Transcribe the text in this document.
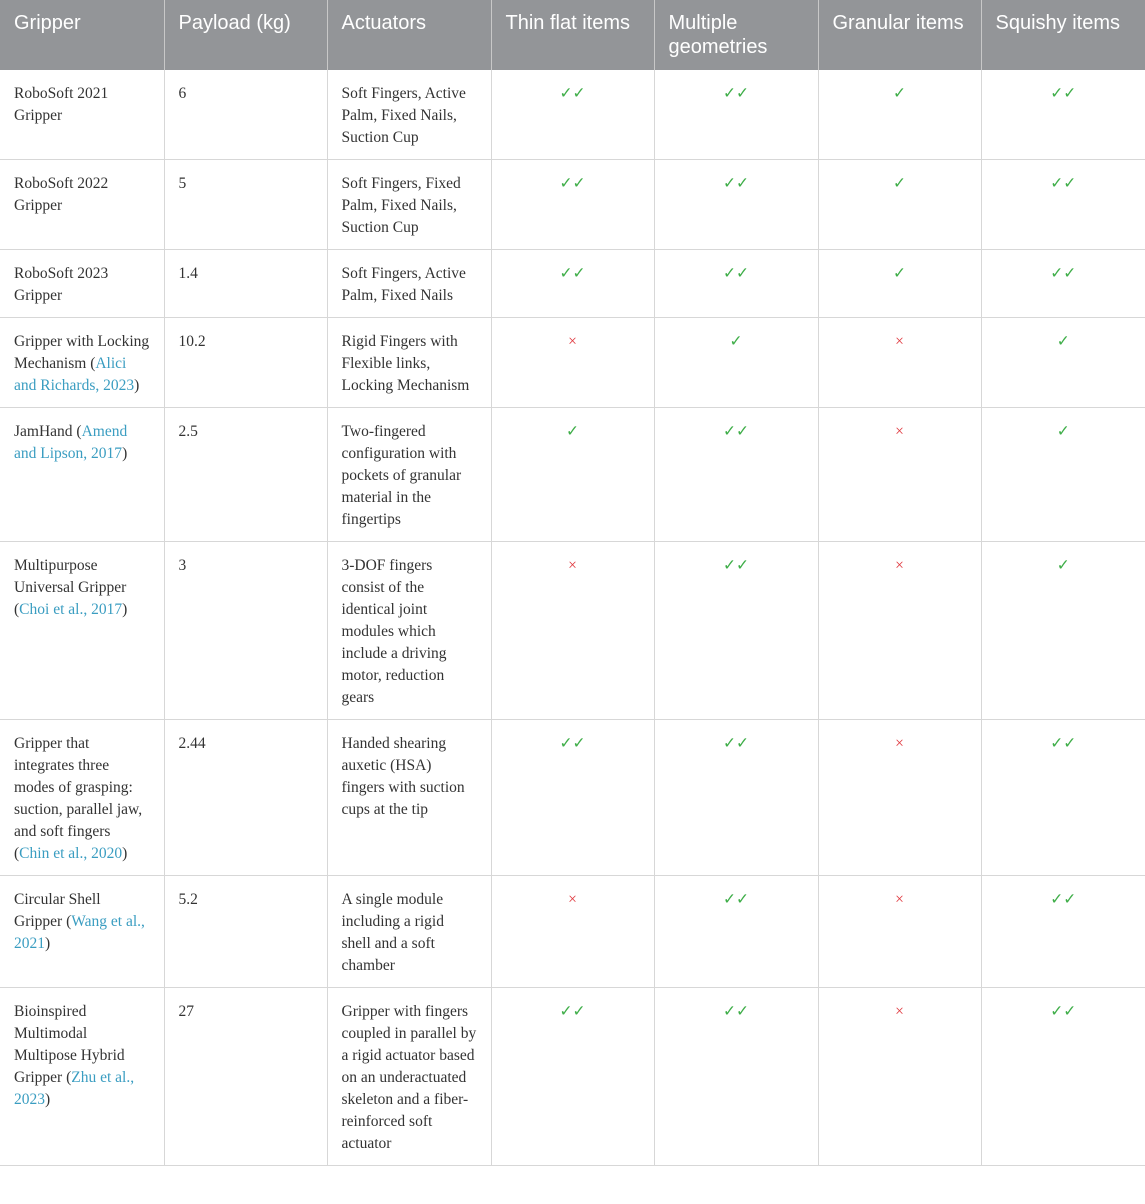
Gripper	Payload (kg)	Actuators	Thin flat items	Multiple geometries	Granular items	Squishy items
RoboSoft 2021 Gripper	6	Soft Fingers, Active Palm, Fixed Nails, Suction Cup	✓✓	✓✓	✓	✓✓
RoboSoft 2022 Gripper	5	Soft Fingers, Fixed Palm, Fixed Nails, Suction Cup	✓✓	✓✓	✓	✓✓
RoboSoft 2023 Gripper	1.4	Soft Fingers, Active Palm, Fixed Nails	✓✓	✓✓	✓	✓✓
Gripper with Locking Mechanism (Alici and Richards, 2023)	10.2	Rigid Fingers with Flexible links, Locking Mechanism	×	✓	×	✓
JamHand (Amend and Lipson, 2017)	2.5	Two-fingered configuration with pockets of granular material in the fingertips	✓	✓✓	×	✓
Multipurpose Universal Gripper (Choi et al., 2017)	3	3-DOF fingers consist of the identical joint modules which include a driving motor, reduction gears	×	✓✓	×	✓
Gripper that integrates three modes of grasping: suction, parallel jaw, and soft fingers (Chin et al., 2020)	2.44	Handed shearing auxetic (HSA) fingers with suction cups at the tip	✓✓	✓✓	×	✓✓
Circular Shell Gripper (Wang et al., 2021)	5.2	A single module including a rigid shell and a soft chamber	×	✓✓	×	✓✓
Bioinspired Multimodal Multipose Hybrid Gripper (Zhu et al., 2023)	27	Gripper with fingers coupled in parallel by a rigid actuator based on an underactuated skeleton and a fiber-reinforced soft actuator	✓✓	✓✓	×	✓✓
